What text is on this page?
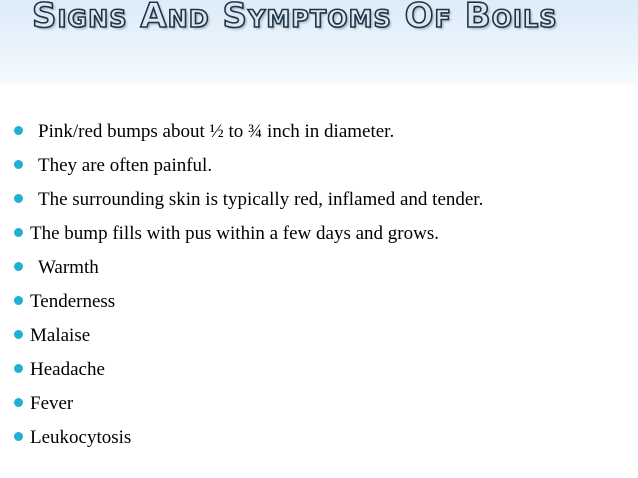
Signs And Symptoms Of Boils
Pink/red bumps about ½ to ¾ inch in diameter.
They are often painful.
The surrounding skin is typically red, inflamed and tender.
The bump fills with pus within a few days and grows.
Warmth
Tenderness
Malaise
Headache
Fever
Leukocytosis
